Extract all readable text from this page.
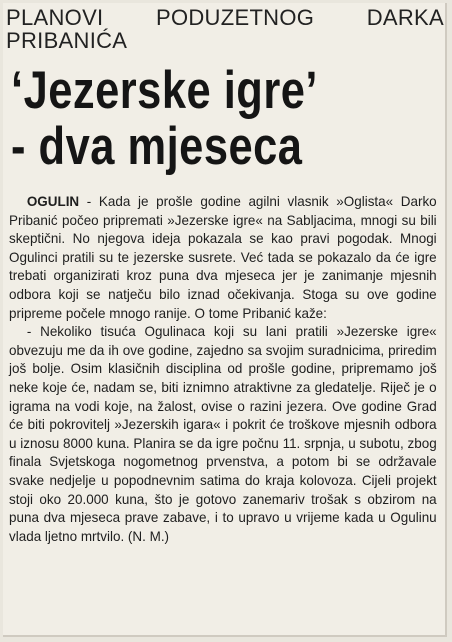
PLANOVI PODUZETNOG DARKA PRIBANIĆA
‘Jezerske igre’
- dva mjeseca

OGULIN - Kada je prošle godine agilni vlasnik »Oglista« Darko Pribanić počeo pripremati »Jezerske igre« na Sabljacima, mnogi su bili skeptični. No njegova ideja pokazala se kao pravi pogodak. Mnogi Ogulinci pratili su te jezerske susrete. Već tada se pokazalo da će igre trebati organizirati kroz puna dva mjeseca jer je zanimanje mjesnih odbora koji se natječu bilo iznad očekivanja. Stoga su ove godine pripreme počele mnogo ranije. O tome Pribanić kaže:

- Nekoliko tisuća Ogulinaca koji su lani pratili »Jezerske igre« obvezuju me da ih ove godine, zajedno sa svojim suradnicima, priredim još bolje. Osim klasičnih disciplina od prošle godine, pripremamo još neke koje će, nadam se, biti iznimno atraktivne za gledatelje. Riječ je o igrama na vodi koje, na žalost, ovise o razini jezera. Ove godine Grad će biti pokrovitelj »Jezerskih igara« i pokrit će troškove mjesnih odbora u iznosu 8000 kuna. Planira se da igre počnu 11. srpnja, u subotu, zbog finala Svjetskoga nogometnog prvenstva, a potom bi se održavale svake nedjelje u popodnevnim satima do kraja kolovoza. Cijeli projekt stoji oko 20.000 kuna, što je gotovo zanemariv trošak s obzirom na puna dva mjeseca prave zabave, i to upravo u vrijeme kada u Ogulinu vlada ljetno mrtvilo. (N. M.)
